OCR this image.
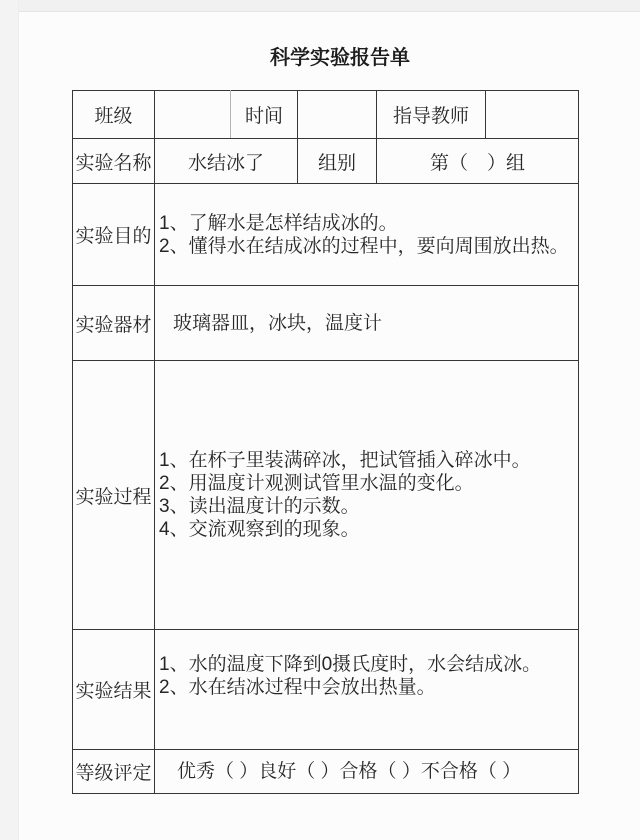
科学实验报告单
班级		时间		指导教师	
实验名称	水结冰了		组别	第（　）组	
实验目的	1、了解水是怎样结成冰的。
2、懂得水在结成冰的过程中，要向周围放出热。				

实验器材	玻璃器皿，冰块，温度计				
实验过程	1、在杯子里装满碎冰，把试管插入碎冰中。
2、用温度计观测试管里水温的变化。
3、读出温度计的示数。
4、交流观察到的现象。				

实验结果	1、水的温度下降到0摄氏度时，水会结成冰。
2、水在结冰过程中会放出热量。				

等级评定	优秀（ ）良好（ ）合格（ ）不合格（ ）				
